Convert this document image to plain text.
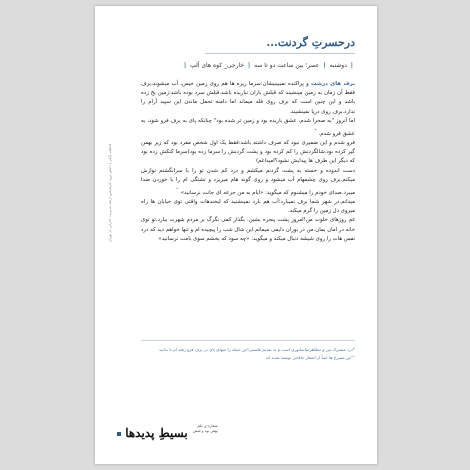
درحسرتِ گردنت...
| دوشنبه | عصر؛ بین ساعت دو تا سه | خارجی_ کوه های آلپ |
فاطمه (لیلی) دانش پژوه کارشناس ارشد مدیریت اجرایی از تهران

برف های درشت و پراکنده نمیبینیشان:سرما ریزه ها هم روی زمین خیس، آب میشوند،برف فقط آن زمان به زمین مینشیند که قبلش باران نباریده باشد.قبلش سرد بوده باشد:زمین یخ زده باشد و این چنین است که برف روی قله میماند اما دامنه تحمل ماندن این سپید آرام را ندارد.برف روی دریا نمینشیند.

اما آنروز "به صحرا شدم، عشق باریده بود و زمین تر شده بود" چنانکه پای به برف فرو شود، به عشق فرو شدم. *

فرو شدم و این ضمیری نبود که صرف داشته باشد:فقط یک اول شخص مفرد بود که زیر بهمن گیر کرده بود.شالگردنش را کم کرده بود و پشت گردنش را سرما زده بود(سرما کنکش زده بود که دیگر این طرف ها پیدایش نشود؟امیداغم)

دست اندوده و خسته به پشت گردنم میکشم و درد کم شدن تو را با سرانگشتم نوازش میکنم.برف روی چشمهام آب میشود و روی گونه هام میریزد و تشنگی ام را با خوردن ضدا میبرد.صدای خودم را میشنوم که میگوید: «ایام به من جرعه ای جانت نرسانید» ^

میدانم.در شهر شما برف نمیبارد؛آب هم بارد نمینشنید که لبخندهات واقتی توی خیابان ها راه میروی دل زمین را گرم میکند.

غم روزهای خلوت من!امروز پشت پنجره بشین. بگذار کمی نگرگ بر مردم شهرت ببارد،تو توی خانه در امان بمان.من در بوران دایمی میمانم.این شال شب را پیچیده ام و تنها خواهم دید که درد نفس هات را روی شیشه دنبال میکند و میگوید: «چه سود که بخشم سوی بامت نرسانید»

*درد مشترک من و مظاهرتنیاسانوری است و به تقدیم غلستی؛این جمله را سهای پای در برف فرو رفته ام تا بدانید

^این مصرع ها عیناً از اشعار خاقانی نوشته شده اند

بسیطِ پدیدها	شماره ی یکم
بهمن نود و شش
